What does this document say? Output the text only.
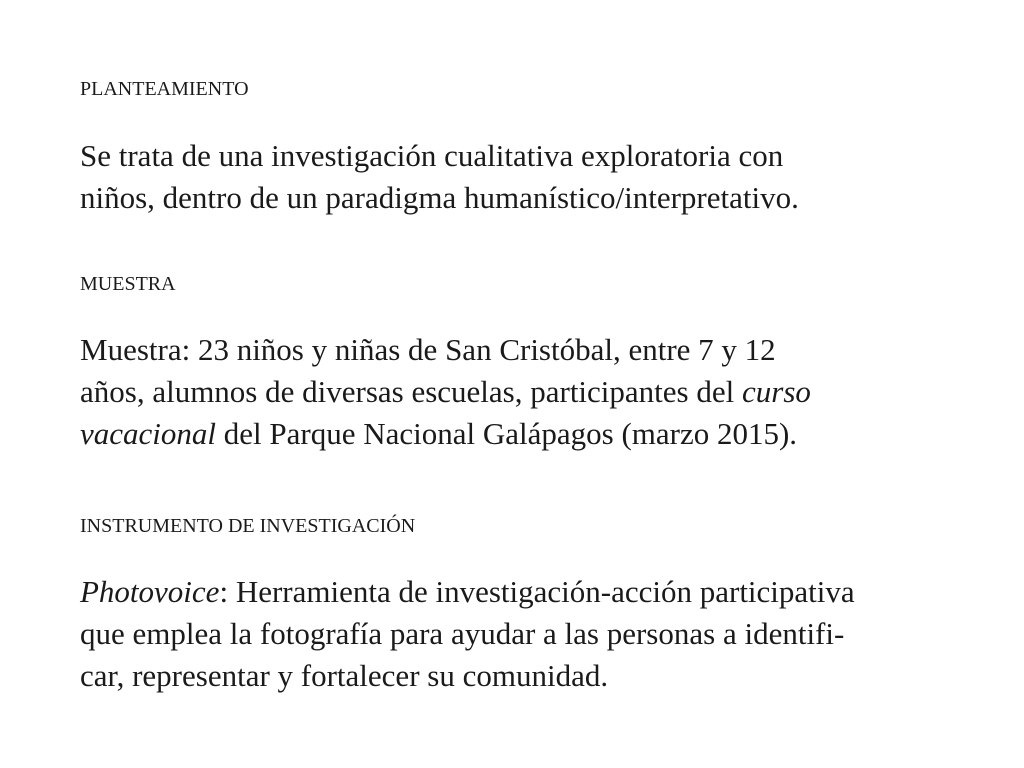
PLANTEAMIENTO

Se trata de una investigación cualitativa exploratoria con
niños, dentro de un paradigma humanístico/interpretativo.

MUESTRA

Muestra: 23 niños y niñas de San Cristóbal, entre 7 y 12
años, alumnos de diversas escuelas, participantes del curso
vacacional del Parque Nacional Galápagos (marzo 2015).

INSTRUMENTO DE INVESTIGACIÓN

Photovoice: Herramienta de investigación-acción participativa
que emplea la fotografía para ayudar a las personas a identifi-
car, representar y fortalecer su comunidad.
